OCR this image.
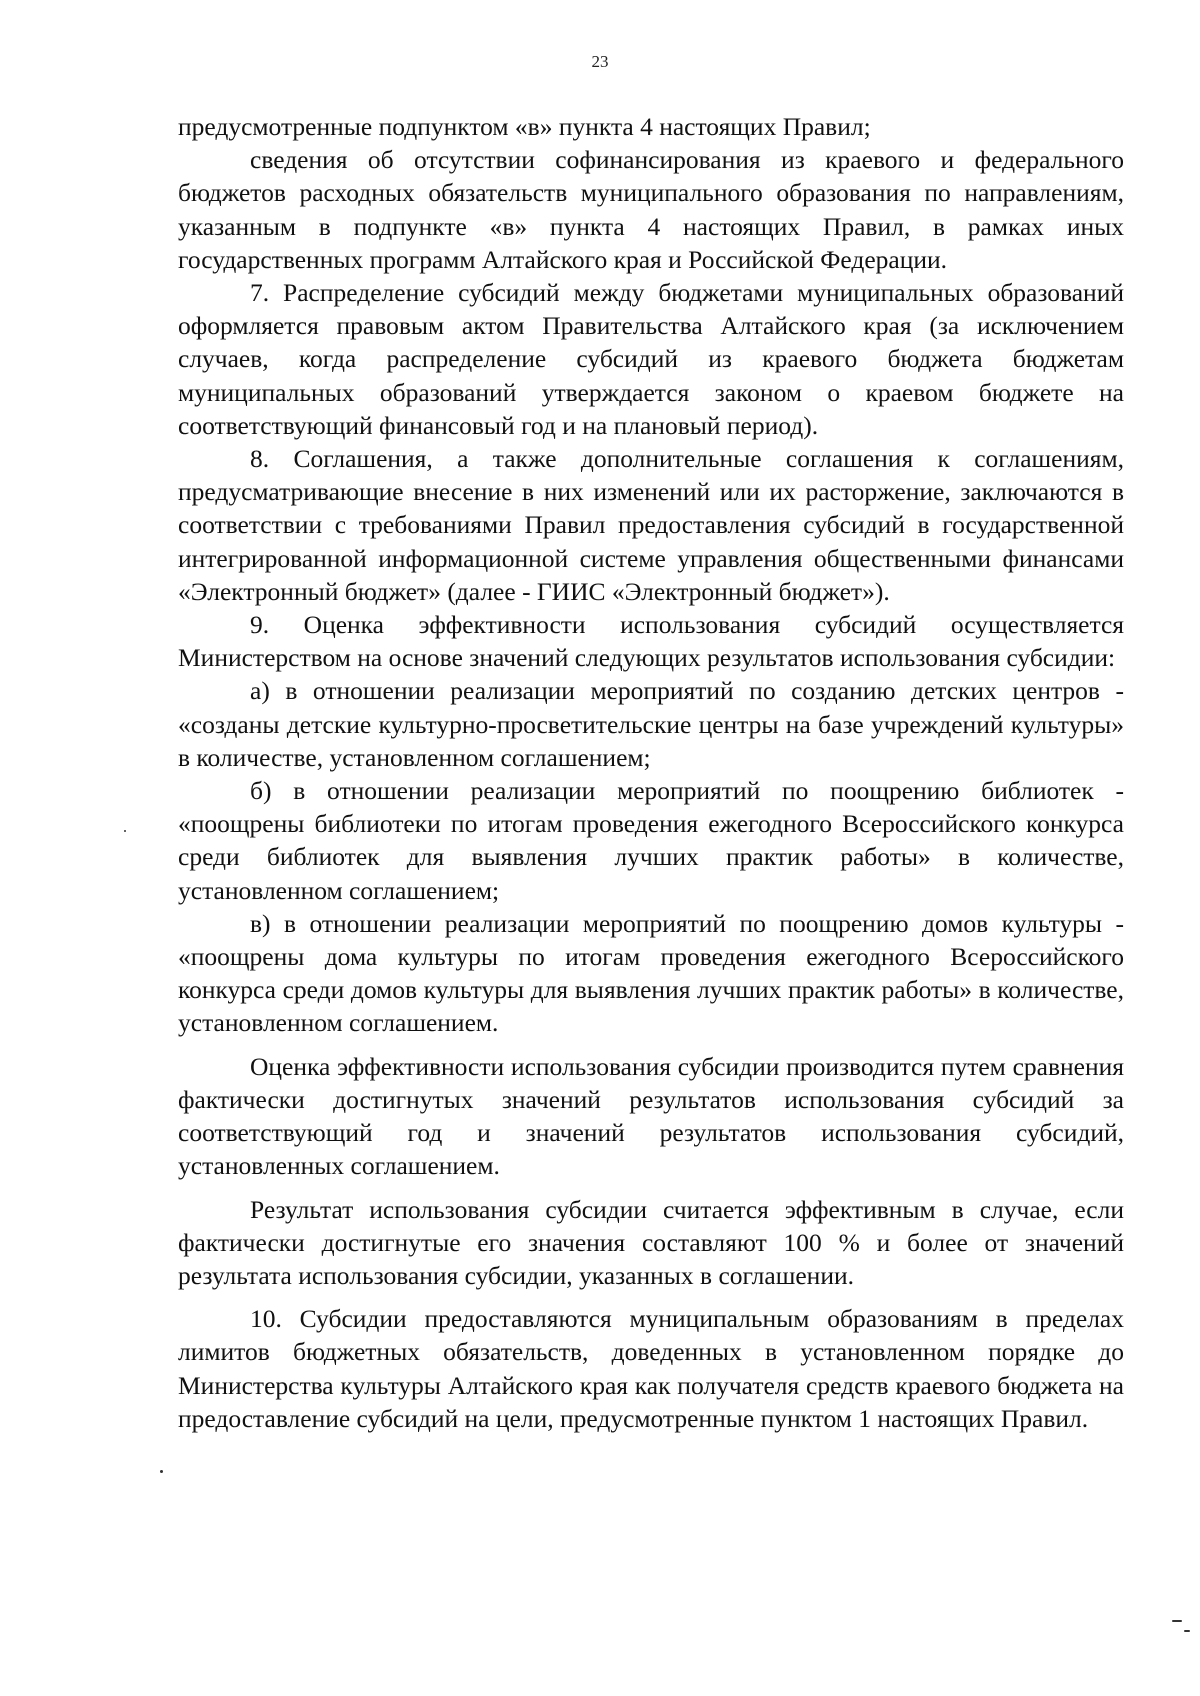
23

предусмотренные подпунктом «в» пункта 4 настоящих Правил;

сведения об отсутствии софинансирования из краевого и федерального бюджетов расходных обязательств муниципального образования по направлениям, указанным в подпункте «в» пункта 4 настоящих Правил, в рамках иных государственных программ Алтайского края и Российской Федерации.

7. Распределение субсидий между бюджетами муниципальных образований оформляется правовым актом Правительства Алтайского края (за исключением случаев, когда распределение субсидий из краевого бюджета бюджетам муниципальных образований утверждается законом о краевом бюджете на соответствующий финансовый год и на плановый период).

8. Соглашения, а также дополнительные соглашения к соглашениям, предусматривающие внесение в них изменений или их расторжение, заключаются в соответствии с требованиями Правил предоставления субсидий в государственной интегрированной информационной системе управления общественными финансами «Электронный бюджет» (далее - ГИИС «Электронный бюджет»).

9. Оценка эффективности использования субсидий осуществляется Министерством на основе значений следующих результатов использования субсидии:

а) в отношении реализации мероприятий по созданию детских центров - «созданы детские культурно-просветительские центры на базе учреждений культуры» в количестве, установленном соглашением;

б) в отношении реализации мероприятий по поощрению библиотек - «поощрены библиотеки по итогам проведения ежегодного Всероссийского конкурса среди библиотек для выявления лучших практик работы» в количестве, установленном соглашением;

в) в отношении реализации мероприятий по поощрению домов культуры - «поощрены дома культуры по итогам проведения ежегодного Всероссийского конкурса среди домов культуры для выявления лучших практик работы» в количестве, установленном соглашением.

Оценка эффективности использования субсидии производится путем сравнения фактически достигнутых значений результатов использования субсидий за соответствующий год и значений результатов использования субсидий, установленных соглашением.

Результат использования субсидии считается эффективным в случае, если фактически достигнутые его значения составляют 100 % и более от значений результата использования субсидии, указанных в соглашении.

10. Субсидии предоставляются муниципальным образованиям в пределах лимитов бюджетных обязательств, доведенных в установленном порядке до Министерства культуры Алтайского края как получателя средств краевого бюджета на предоставление субсидий на цели, предусмотренные пунктом 1 настоящих Правил.
